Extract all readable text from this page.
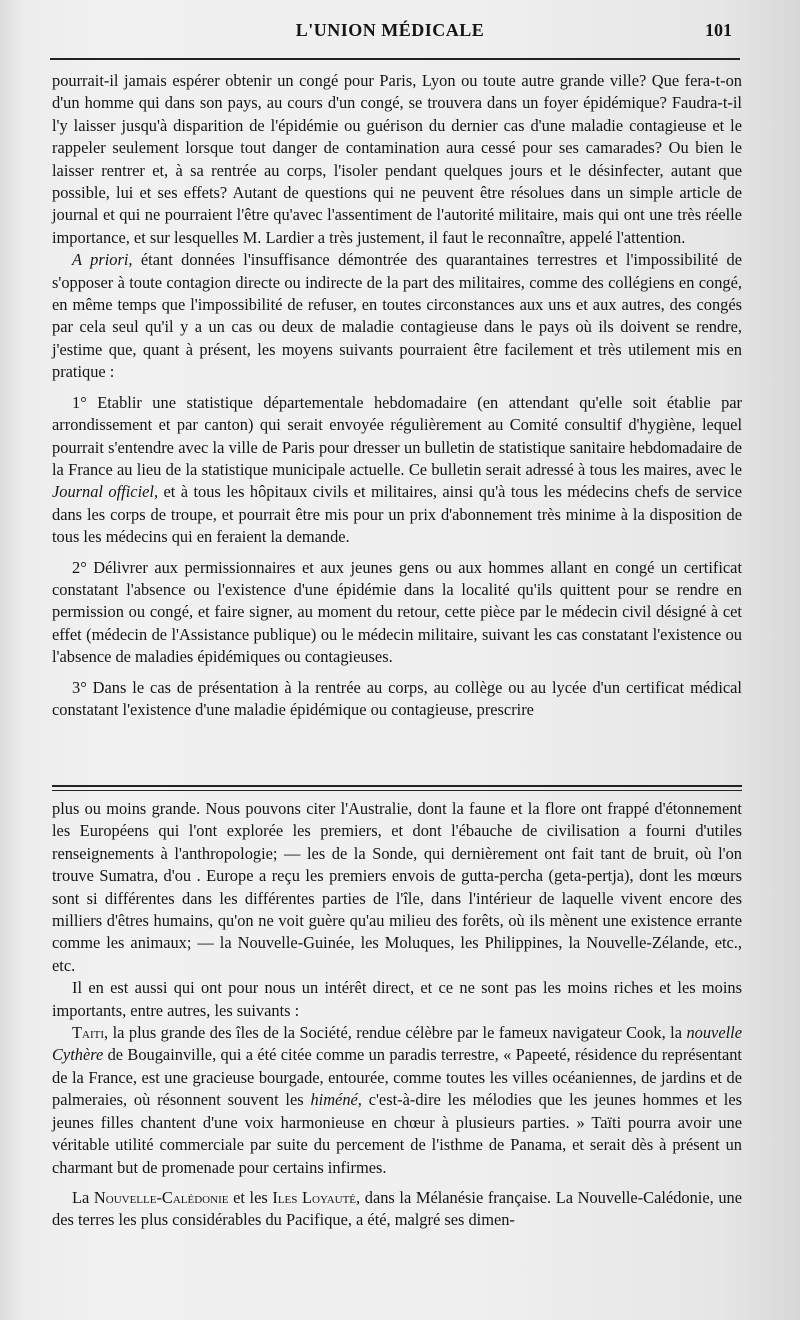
L'UNION MÉDICALE	101

pourrait-il jamais espérer obtenir un congé pour Paris, Lyon ou toute autre grande ville? Que fera-t-on d'un homme qui dans son pays, au cours d'un congé, se trouvera dans un foyer épidémique? Faudra-t-il l'y laisser jusqu'à disparition de l'épidémie ou guérison du dernier cas d'une maladie contagieuse et le rappeler seulement lorsque tout danger de contamination aura cessé pour ses camarades? Ou bien le laisser rentrer et, à sa rentrée au corps, l'isoler pendant quelques jours et le désinfecter, autant que possible, lui et ses effets? Autant de questions qui ne peuvent être résolues dans un simple article de journal et qui ne pourraient l'être qu'avec l'assentiment de l'autorité militaire, mais qui ont une très réelle importance, et sur lesquelles M. Lardier a très justement, il faut le reconnaître, appelé l'attention.

A priori, étant données l'insuffisance démontrée des quarantaines terrestres et l'impossibilité de s'opposer à toute contagion directe ou indirecte de la part des militaires, comme des collégiens en congé, en même temps que l'impossibilité de refuser, en toutes circonstances aux uns et aux autres, des congés par cela seul qu'il y a un cas ou deux de maladie contagieuse dans le pays où ils doivent se rendre, j'estime que, quant à présent, les moyens suivants pourraient être facilement et très utilement mis en pratique :

1° Etablir une statistique départementale hebdomadaire (en attendant qu'elle soit établie par arrondissement et par canton) qui serait envoyée régulièrement au Comité consultif d'hygiène, lequel pourrait s'entendre avec la ville de Paris pour dresser un bulletin de statistique sanitaire hebdomadaire de la France au lieu de la statistique municipale actuelle. Ce bulletin serait adressé à tous les maires, avec le Journal officiel, et à tous les hôpitaux civils et militaires, ainsi qu'à tous les médecins chefs de service dans les corps de troupe, et pourrait être mis pour un prix d'abonnement très minime à la disposition de tous les médecins qui en feraient la demande.

2° Délivrer aux permissionnaires et aux jeunes gens ou aux hommes allant en congé un certificat constatant l'absence ou l'existence d'une épidémie dans la localité qu'ils quittent pour se rendre en permission ou congé, et faire signer, au moment du retour, cette pièce par le médecin civil désigné à cet effet (médecin de l'Assistance publique) ou le médecin militaire, suivant les cas constatant l'existence ou l'absence de maladies épidémiques ou contagieuses.

3° Dans le cas de présentation à la rentrée au corps, au collège ou au lycée d'un certificat médical constatant l'existence d'une maladie épidémique ou contagieuse, prescrire

plus ou moins grande. Nous pouvons citer l'Australie, dont la faune et la flore ont frappé d'étonnement les Européens qui l'ont explorée les premiers, et dont l'ébauche de civilisation a fourni d'utiles renseignements à l'anthropologie; — les de la Sonde, qui dernièrement ont fait tant de bruit, où l'on trouve Sumatra, d'ou . Europe a reçu les premiers envois de gutta-percha (geta-pertja), dont les mœurs sont si différentes dans les différentes parties de l'île, dans l'intérieur de laquelle vivent encore des milliers d'êtres humains, qu'on ne voit guère qu'au milieu des forêts, où ils mènent une existence errante comme les animaux; — la Nouvelle-Guinée, les Moluques, les Philippines, la Nouvelle-Zélande, etc., etc.

Il en est aussi qui ont pour nous un intérêt direct, et ce ne sont pas les moins riches et les moins importants, entre autres, les suivants :

Taiti, la plus grande des îles de la Société, rendue célèbre par le fameux navigateur Cook, la nouvelle Cythère de Bougainville, qui a été citée comme un paradis terrestre, « Papeeté, résidence du représentant de la France, est une gracieuse bourgade, entourée, comme toutes les villes océaniennes, de jardins et de palmeraies, où résonnent souvent les himéné, c'est-à-dire les mélodies que les jeunes hommes et les jeunes filles chantent d'une voix harmonieuse en chœur à plusieurs parties. » Taïti pourra avoir une véritable utilité commerciale par suite du percement de l'isthme de Panama, et serait dès à présent un charmant but de promenade pour certains infirmes.

La Nouvelle-Calédonie et les Iles Loyauté, dans la Mélanésie française. La Nouvelle-Calédonie, une des terres les plus considérables du Pacifique, a été, malgré ses dimen-
